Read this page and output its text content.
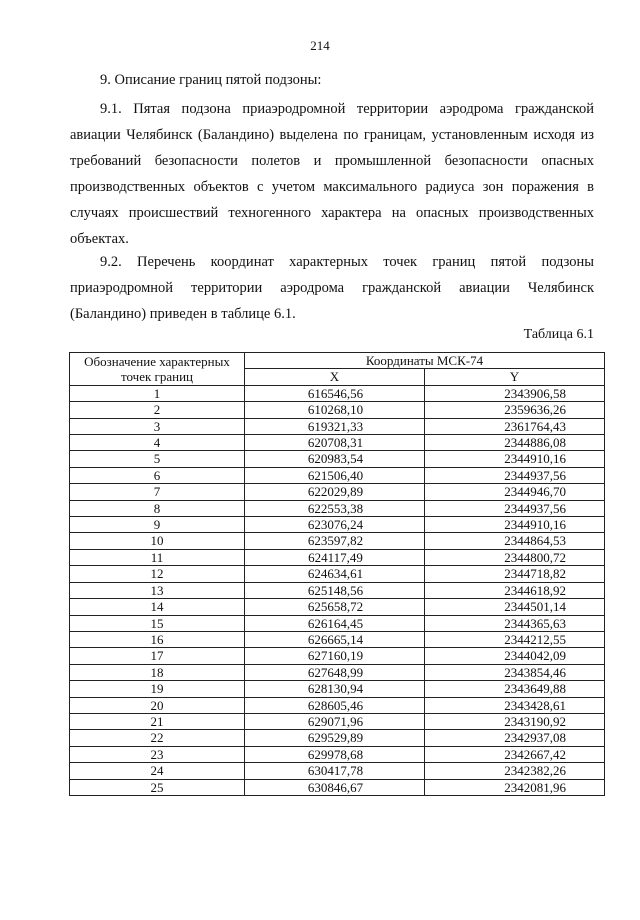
214
9. Описание границ пятой подзоны:

9.1. Пятая подзона приаэродромной территории аэродрома гражданской авиации Челябинск (Баландино) выделена по границам, установленным исходя из требований безопасности полетов и промышленной безопасности опасных производственных объектов с учетом максимального радиуса зон поражения в случаях происшествий техногенного характера на опасных производственных объектах.

9.2. Перечень координат характерных точек границ пятой подзоны приаэродромной территории аэродрома гражданской авиации Челябинск (Баландино) приведен в таблице 6.1.

Таблица 6.1
Обозначение характерных точек границ	Координаты МСК-74	
	X	Y
1	616546,56	2343906,58
2	610268,10	2359636,26
3	619321,33	2361764,43
4	620708,31	2344886,08
5	620983,54	2344910,16
6	621506,40	2344937,56
7	622029,89	2344946,70
8	622553,38	2344937,56
9	623076,24	2344910,16
10	623597,82	2344864,53
11	624117,49	2344800,72
12	624634,61	2344718,82
13	625148,56	2344618,92
14	625658,72	2344501,14
15	626164,45	2344365,63
16	626665,14	2344212,55
17	627160,19	2344042,09
18	627648,99	2343854,46
19	628130,94	2343649,88
20	628605,46	2343428,61
21	629071,96	2343190,92
22	629529,89	2342937,08
23	629978,68	2342667,42
24	630417,78	2342382,26
25	630846,67	2342081,96
